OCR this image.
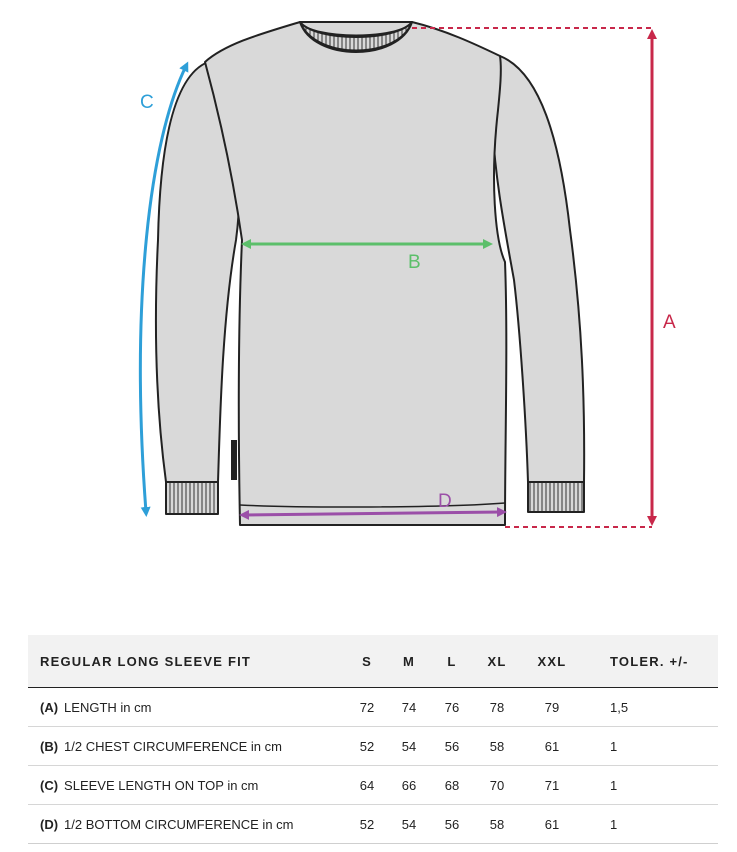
A
B
C
D
REGULAR LONG SLEEVE FIT	S	M	L	XL	XXL	TOLER. +/-
(A) LENGTH in cm	72	74	76	78	79	1,5
(B) 1/2 CHEST CIRCUMFERENCE in cm	52	54	56	58	61	1
(C) SLEEVE LENGTH ON TOP in cm	64	66	68	70	71	1
(D) 1/2 BOTTOM CIRCUMFERENCE in cm	52	54	56	58	61	1
